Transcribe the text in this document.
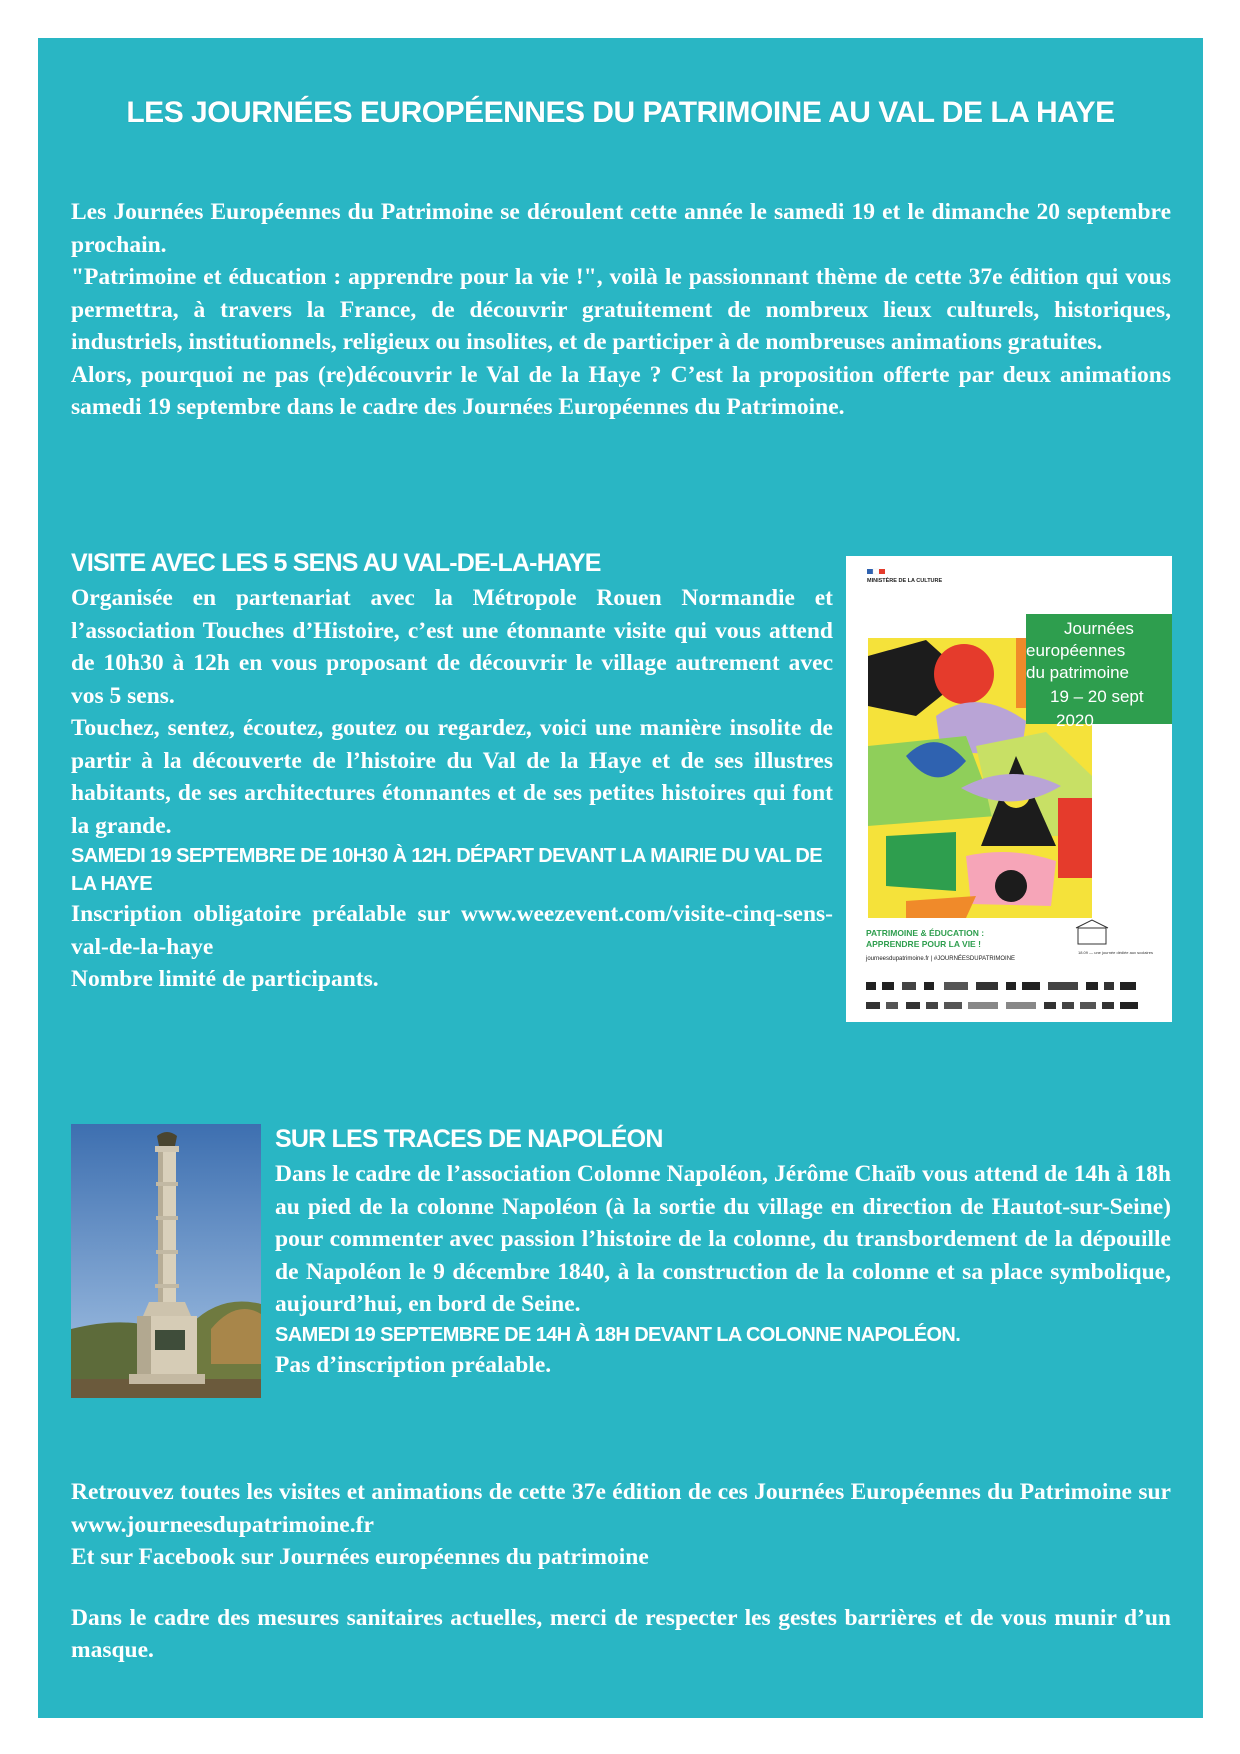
LES JOURNÉES EUROPÉENNES DU PATRIMOINE AU VAL DE LA HAYE

Les Journées Européennes du Patrimoine se déroulent cette année le samedi 19 et le dimanche 20 septembre prochain.

"Patrimoine et éducation : apprendre pour la vie !", voilà le passionnant thème de cette 37e édition qui vous permettra, à travers la France, de découvrir gratuitement de nombreux lieux culturels, historiques, industriels, institutionnels, religieux ou insolites, et de participer à de nombreuses animations gratuites.

Alors, pourquoi ne pas (re)découvrir le Val de la Haye ? C’est la proposition offerte par deux animations samedi 19 septembre dans le cadre des Journées Européennes du Patrimoine.

VISITE AVEC LES 5 SENS AU VAL-DE-LA-HAYE

Organisée en partenariat avec la Métropole Rouen Normandie et l’association Touches d’Histoire, c’est une étonnante visite qui vous attend de 10h30 à 12h en vous proposant de découvrir le village autrement avec vos 5 sens.

Touchez, sentez, écoutez, goutez ou regardez, voici une manière insolite de partir à la découverte de l’histoire du Val de la Haye et de ses illustres habitants, de ses architectures étonnantes et de ses petites histoires qui font la grande.

SAMEDI 19 SEPTEMBRE DE 10H30 À 12H. DÉPART DEVANT LA MAIRIE DU VAL DE LA HAYE

Inscription obligatoire préalable sur www.weezevent.com/visite-cinq-sens-val-de-la-haye

Nombre limité de participants.

MINISTÈRE DE LA CULTURE
Journées
européennes
du patrimoine
19 – 20 sept
2020
PATRIMOINE & ÉDUCATION :
APPRENDRE POUR LA VIE !
journeesdupatrimoine.fr | #JOURNÉESDUPATRIMOINE
18.09 — une journée dédiée aux scolaires
SUR LES TRACES DE NAPOLÉON

Dans le cadre de l’association Colonne Napoléon, Jérôme Chaïb vous attend de 14h à 18h au pied de la colonne Napoléon (à la sortie du village en direction de Hautot-sur-Seine) pour commenter avec passion l’histoire de la colonne, du transbordement de la dépouille de Napoléon le 9 décembre 1840, à la construction de la colonne et sa place symbolique, aujourd’hui, en bord de Seine.

SAMEDI 19 SEPTEMBRE DE 14H À 18H DEVANT LA COLONNE NAPOLÉON.

Pas d’inscription préalable.

Retrouvez toutes les visites et animations de cette 37e édition de ces Journées Européennes du Patrimoine sur www.journeesdupatrimoine.fr

Et sur Facebook sur Journées européennes du patrimoine

Dans le cadre des mesures sanitaires actuelles, merci de respecter les gestes barrières et de vous munir d’un masque.
